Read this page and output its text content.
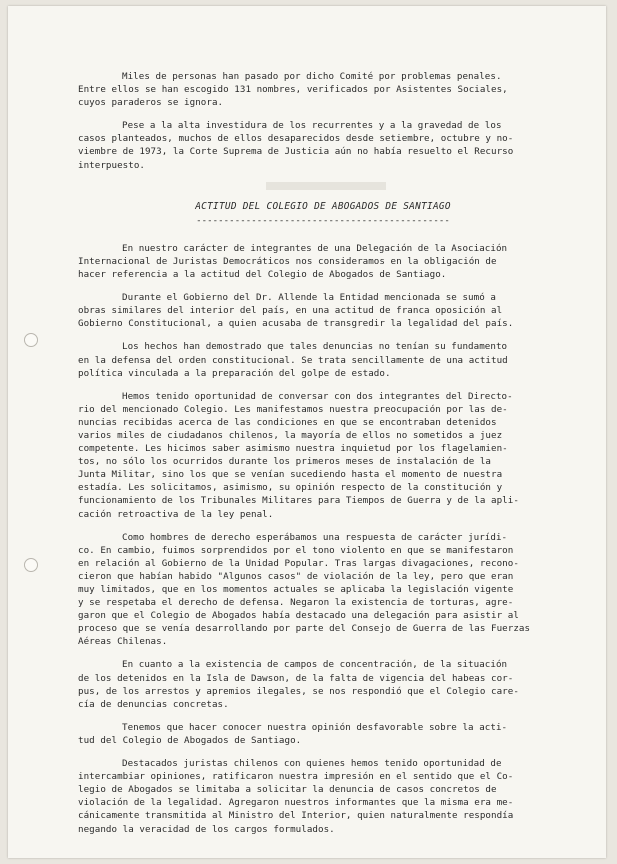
Miles de personas han pasado por dicho Comité por problemas penales.
Entre ellos se han escogido 131 nombres, verificados por Asistentes Sociales,
cuyos paraderos se ignora.

Pese a la alta investidura de los recurrentes y a la gravedad de los
casos planteados, muchos de ellos desaparecidos desde setiembre, octubre y no-
viembre de 1973, la Corte Suprema de Justicia aún no había resuelto el Recurso
interpuesto.

ACTITUD DEL COLEGIO DE ABOGADOS DE SANTIAGO
----------------------------------------------

En nuestro carácter de integrantes de una Delegación de la Asociación
Internacional de Juristas Democráticos nos consideramos en la obligación de
hacer referencia a la actitud del Colegio de Abogados de Santiago.

Durante el Gobierno del Dr. Allende la Entidad mencionada se sumó a
obras similares del interior del país, en una actitud de franca oposición al
Gobierno Constitucional, a quien acusaba de transgredir la legalidad del país.

Los hechos han demostrado que tales denuncias no tenían su fundamento
en la defensa del orden constitucional. Se trata sencillamente de una actitud
política vinculada a la preparación del golpe de estado.

Hemos tenido oportunidad de conversar con dos integrantes del Directo-
rio del mencionado Colegio. Les manifestamos nuestra preocupación por las de-
nuncias recibidas acerca de las condiciones en que se encontraban detenidos
varios miles de ciudadanos chilenos, la mayoría de ellos no sometidos a juez
competente. Les hicimos saber asimismo nuestra inquietud por los flagelamien-
tos, no sólo los ocurridos durante los primeros meses de instalación de la
Junta Militar, sino los que se venían sucediendo hasta el momento de nuestra
estadía. Les solicitamos, asimismo, su opinión respecto de la constitución y
funcionamiento de los Tribunales Militares para Tiempos de Guerra y de la apli-
cación retroactiva de la ley penal.

Como hombres de derecho esperábamos una respuesta de carácter jurídi-
co. En cambio, fuimos sorprendidos por el tono violento en que se manifestaron
en relación al Gobierno de la Unidad Popular. Tras largas divagaciones, recono-
cieron que habían habido "Algunos casos" de violación de la ley, pero que eran
muy limitados, que en los momentos actuales se aplicaba la legislación vigente
y se respetaba el derecho de defensa. Negaron la existencia de torturas, agre-
garon que el Colegio de Abogados había destacado una delegación para asistir al
proceso que se venía desarrollando por parte del Consejo de Guerra de las Fuerzas
Aéreas Chilenas.

En cuanto a la existencia de campos de concentración, de la situación
de los detenidos en la Isla de Dawson, de la falta de vigencia del habeas cor-
pus, de los arrestos y apremios ilegales, se nos respondió que el Colegio care-
cía de denuncias concretas.

Tenemos que hacer conocer nuestra opinión desfavorable sobre la acti-
tud del Colegio de Abogados de Santiago.

Destacados juristas chilenos con quienes hemos tenido oportunidad de
intercambiar opiniones, ratificaron nuestra impresión en el sentido que el Co-
legio de Abogados se limitaba a solicitar la denuncia de casos concretos de
violación de la legalidad. Agregaron nuestros informantes que la misma era me-
cánicamente transmitida al Ministro del Interior, quien naturalmente respondía
negando la veracidad de los cargos formulados.
